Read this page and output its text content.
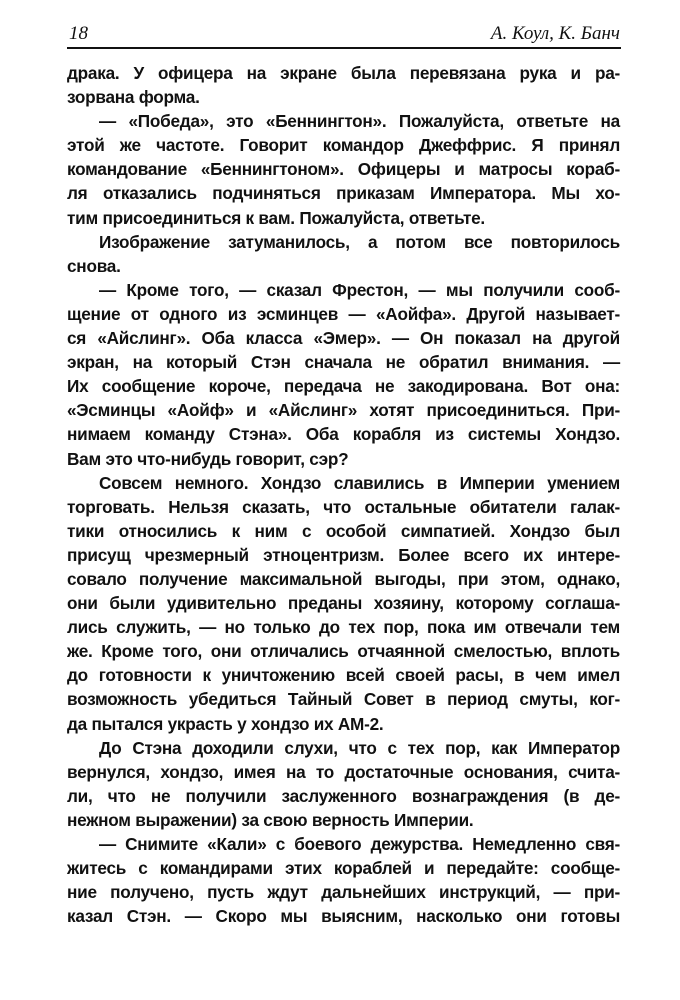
18	А. Коул, К. Банч
драка. У офицера на экране была перевязана рука и ра-
зорвана форма.
— «Победа», это «Беннингтон». Пожалуйста, ответьте на
этой же частоте. Говорит командор Джеффрис. Я принял
командование «Беннингтоном». Офицеры и матросы кораб-
ля отказались подчиняться приказам Императора. Мы хо-
тим присоединиться к вам. Пожалуйста, ответьте.
Изображение затуманилось, а потом все повторилось
снова.
— Кроме того, — сказал Фрестон, — мы получили сооб-
щение от одного из эсминцев — «Аойфа». Другой называет-
ся «Айслинг». Оба класса «Эмер». — Он показал на другой
экран, на который Стэн сначала не обратил внимания. —
Их сообщение короче, передача не закодирована. Вот она:
«Эсминцы «Аойф» и «Айслинг» хотят присоединиться. При-
нимаем команду Стэна». Оба корабля из системы Хондзо.
Вам это что-нибудь говорит, сэр?
Совсем немного. Хондзо славились в Империи умением
торговать. Нельзя сказать, что остальные обитатели галак-
тики относились к ним с особой симпатией. Хондзо был
присущ чрезмерный этноцентризм. Более всего их интере-
совало получение максимальной выгоды, при этом, однако,
они были удивительно преданы хозяину, которому соглаша-
лись служить, — но только до тех пор, пока им отвечали тем
же. Кроме того, они отличались отчаянной смелостью, вплоть
до готовности к уничтожению всей своей расы, в чем имел
возможность убедиться Тайный Совет в период смуты, ког-
да пытался украсть у хондзо их АМ-2.
До Стэна доходили слухи, что с тех пор, как Император
вернулся, хондзо, имея на то достаточные основания, счита-
ли, что не получили заслуженного вознаграждения (в де-
нежном выражении) за свою верность Империи.
— Снимите «Кали» с боевого дежурства. Немедленно свя-
житесь с командирами этих кораблей и передайте: сообще-
ние получено, пусть ждут дальнейших инструкций, — при-
казал Стэн. — Скоро мы выясним, насколько они готовы
